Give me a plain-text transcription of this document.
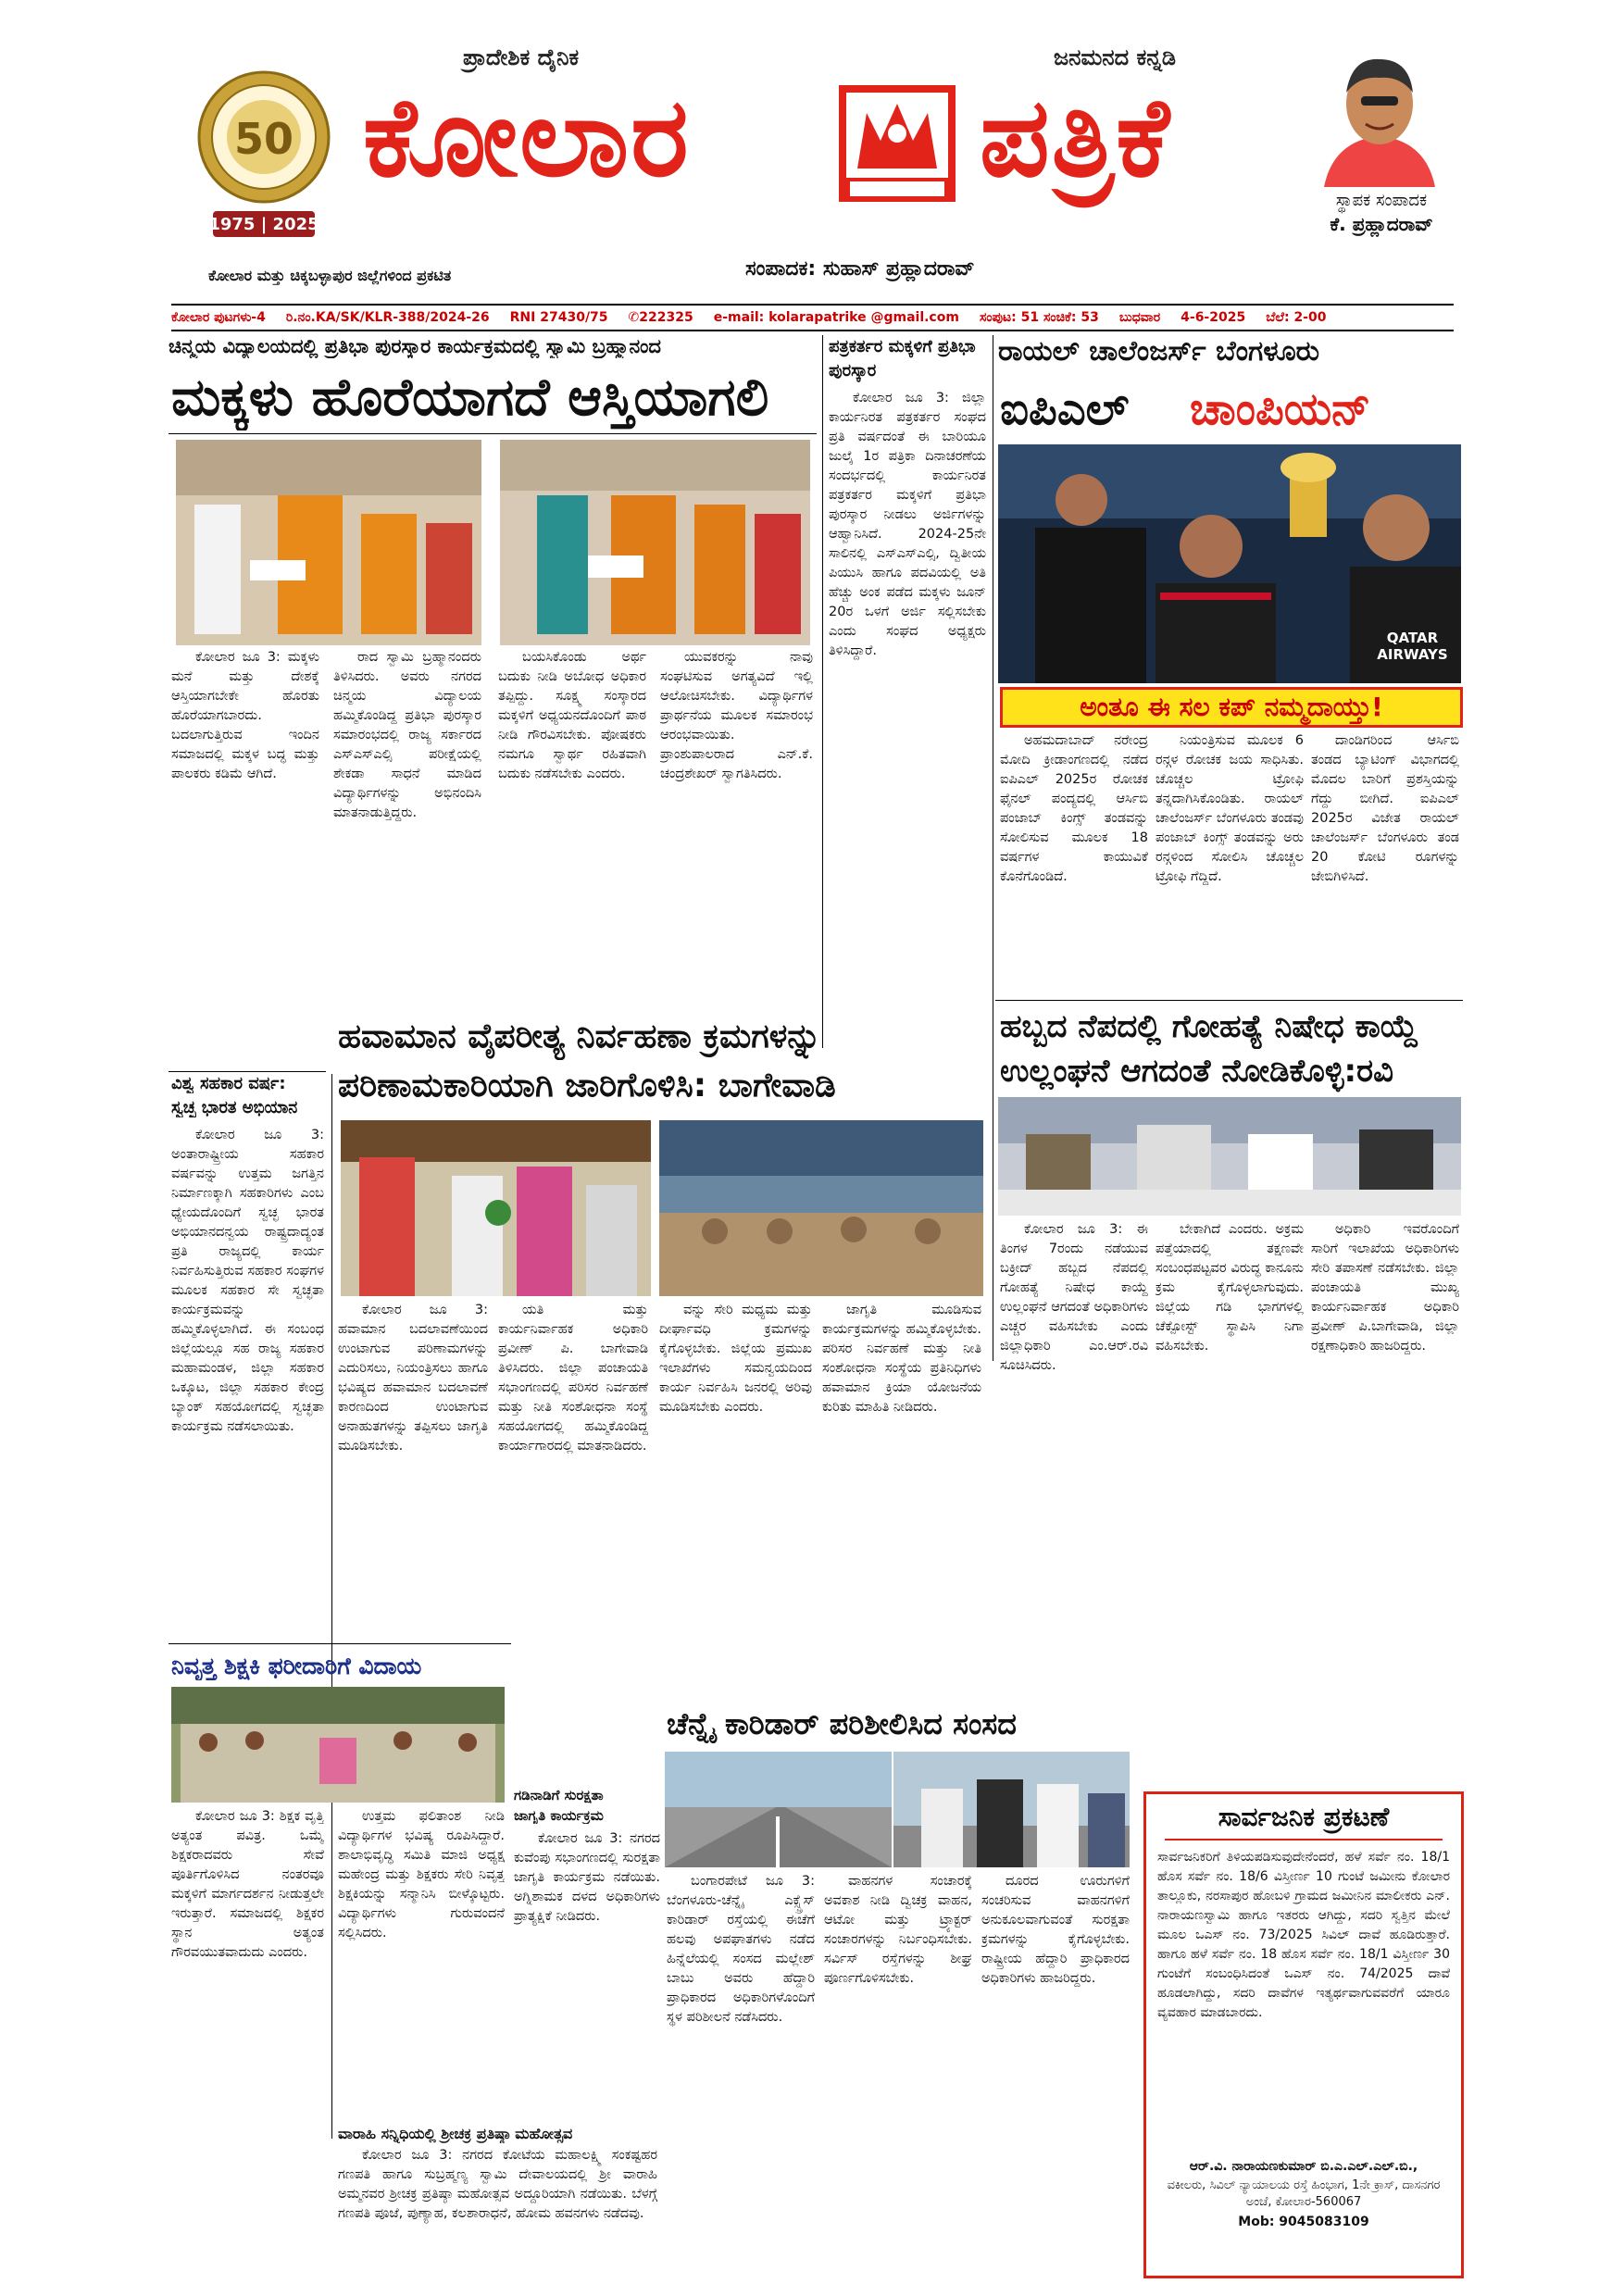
50
1975 | 2025
ಪ್ರಾದೇಶಿಕ ದೈನಿಕ	ಜನಮನದ ಕನ್ನಡಿ
ಕೋಲಾರ	ಪತ್ರಿಕೆ	ಸ್ಥಾಪಕ ಸಂಪಾದಕ
ಕೆ. ಪ್ರಹ್ಲಾದರಾವ್
ಕೋಲಾರ ಮತ್ತು ಚಿಕ್ಕಬಳ್ಳಾಪುರ ಜಿಲ್ಲೆಗಳಿಂದ ಪ್ರಕಟಿತ	ಸಂಪಾದಕ: ಸುಹಾಸ್ ಪ್ರಹ್ಲಾದರಾವ್
ಕೋಲಾರ ಪುಟಗಳು-4 ರಿ.ನಂ.KA/SK/KLR-388/2024-26 RNI 27430/75 ✆222325 e-mail: kolarapatrike @gmail.com ಸಂಪುಟ: 51 ಸಂಚಿಕೆ: 53 ಬುಧವಾರ 4-6-2025 ಬೆಲೆ: 2-00
ಚಿನ್ಮಯ ವಿದ್ಯಾಲಯದಲ್ಲಿ ಪ್ರತಿಭಾ ಪುರಸ್ಕಾರ ಕಾರ್ಯಕ್ರಮದಲ್ಲಿ ಸ್ವಾಮಿ ಬ್ರಹ್ಮಾನಂದ
ಮಕ್ಕಳು ಹೊರೆಯಾಗದೆ ಆಸ್ತಿಯಾಗಲಿ

ಕೋಲಾರ ಜೂ 3: ಮಕ್ಕಳು ಮನೆ ಮತ್ತು ದೇಶಕ್ಕೆ ಆಸ್ತಿಯಾಗಬೇಕೇ ಹೊರತು ಹೊರೆಯಾಗಬಾರದು. ಬದಲಾಗುತ್ತಿರುವ ಇಂದಿನ ಸಮಾಜದಲ್ಲಿ ಮಕ್ಕಳ ಬದ್ಧ ಮತ್ತು ಪಾಲಕರು ಕಡಿಮೆ ಆಗಿದೆ.

ರಾದ ಸ್ವಾಮಿ ಬ್ರಹ್ಮಾನಂದರು ತಿಳಿಸಿದರು. ಅವರು ನಗರದ ಚಿನ್ಮಯ ವಿದ್ಯಾಲಯ ಹಮ್ಮಿಕೊಂಡಿದ್ದ ಪ್ರತಿಭಾ ಪುರಸ್ಕಾರ ಸಮಾರಂಭದಲ್ಲಿ ರಾಜ್ಯ ಸರ್ಕಾರದ ಎಸ್ಎಸ್ಎಲ್ಸಿ ಪರೀಕ್ಷೆಯಲ್ಲಿ ಶೇಕಡಾ ಸಾಧನೆ ಮಾಡಿದ ವಿದ್ಯಾರ್ಥಿಗಳನ್ನು ಅಭಿನಂದಿಸಿ ಮಾತನಾಡುತ್ತಿದ್ದರು.

ಬಯಸಿಕೊಂಡು ಅರ್ಥ ಬದುಕು ನೀಡಿ ಅಬೋಧ ಅಧಿಕಾರ ತಪ್ಪಿದ್ದು. ಸೂಕ್ಷ್ಮ ಸಂಸ್ಕಾರದ ಮಕ್ಕಳಿಗೆ ಅಧ್ಯಯನದೊಂದಿಗೆ ಪಾಠ ನೀಡಿ ಗೌರವಿಸಬೇಕು. ಪೋಷಕರು ನಮಗೂ ಸ್ವಾರ್ಥ ರಹಿತವಾಗಿ ಬದುಕು ನಡೆಸಬೇಕು ಎಂದರು.

ಯುವಕರನ್ನು ನಾವು ಸಂಘಟಿಸುವ ಅಗತ್ಯವಿದೆ ಇಲ್ಲಿ ಆಲೋಚಿಸಬೇಕು. ವಿದ್ಯಾರ್ಥಿಗಳ ಪ್ರಾರ್ಥನೆಯ ಮೂಲಕ ಸಮಾರಂಭ ಆರಂಭವಾಯಿತು. ಪ್ರಾಂಶುಪಾಲರಾದ ಎನ್.ಕೆ. ಚಂದ್ರಶೇಖರ್ ಸ್ವಾಗತಿಸಿದರು.

ಪತ್ರಕರ್ತರ ಮಕ್ಕಳಿಗೆ ಪ್ರತಿಭಾ ಪುರಸ್ಕಾರ

ಕೋಲಾರ ಜೂ 3: ಜಿಲ್ಲಾ ಕಾರ್ಯನಿರತ ಪತ್ರಕರ್ತರ ಸಂಘದ ಪ್ರತಿ ವರ್ಷದಂತೆ ಈ ಬಾರಿಯೂ ಜುಲೈ 1ರ ಪತ್ರಿಕಾ ದಿನಾಚರಣೆಯ ಸಂದರ್ಭದಲ್ಲಿ ಕಾರ್ಯನಿರತ ಪತ್ರಕರ್ತರ ಮಕ್ಕಳಿಗೆ ಪ್ರತಿಭಾ ಪುರಸ್ಕಾರ ನೀಡಲು ಅರ್ಜಿಗಳನ್ನು ಆಹ್ವಾನಿಸಿದೆ. 2024-25ನೇ ಸಾಲಿನಲ್ಲಿ ಎಸ್ಎಸ್ಎಲ್ಸಿ, ದ್ವಿತೀಯ ಪಿಯುಸಿ ಹಾಗೂ ಪದವಿಯಲ್ಲಿ ಅತಿ ಹೆಚ್ಚು ಅಂಕ ಪಡೆದ ಮಕ್ಕಳು ಜೂನ್ 20ರ ಒಳಗೆ ಅರ್ಜಿ ಸಲ್ಲಿಸಬೇಕು ಎಂದು ಸಂಘದ ಅಧ್ಯಕ್ಷರು ತಿಳಿಸಿದ್ದಾರೆ.

ರಾಯಲ್ ಚಾಲೆಂಜರ್ಸ್ ಬೆಂಗಳೂರು
ಐಪಿಎಲ್ ಚಾಂಪಿಯನ್
QATAR AIRWAYS
ಅಂತೂ ಈ ಸಲ ಕಪ್ ನಮ್ಮದಾಯ್ತು!

ಅಹಮದಾಬಾದ್ ನರೇಂದ್ರ ಮೋದಿ ಕ್ರೀಡಾಂಗಣದಲ್ಲಿ ನಡೆದ ಐಪಿಎಲ್ 2025ರ ರೋಚಕ ಫೈನಲ್ ಪಂದ್ಯದಲ್ಲಿ ಆರ್ಸಿಬಿ ಪಂಜಾಬ್ ಕಿಂಗ್ಸ್ ತಂಡವನ್ನು ಸೋಲಿಸುವ ಮೂಲಕ 18 ವರ್ಷಗಳ ಕಾಯುವಿಕೆ ಕೊನೆಗೊಂಡಿದೆ.

ನಿಯಂತ್ರಿಸುವ ಮೂಲಕ 6 ರನ್ಗಳ ರೋಚಕ ಜಯ ಸಾಧಿಸಿತು. ಚೊಚ್ಚಲ ಟ್ರೋಫಿ ತನ್ನದಾಗಿಸಿಕೊಂಡಿತು. ರಾಯಲ್ ಚಾಲೆಂಜರ್ಸ್ ಬೆಂಗಳೂರು ತಂಡವು ಪಂಜಾಬ್ ಕಿಂಗ್ಸ್ ತಂಡವನ್ನು ಅರು ರನ್ಗಳಿಂದ ಸೋಲಿಸಿ ಚೊಚ್ಚಲ ಟ್ರೋಫಿ ಗೆದ್ದಿದೆ.

ದಾಂಡಿಗರಿಂದ ಆರ್ಸಿಬಿ ತಂಡದ ಬ್ಯಾಟಿಂಗ್ ವಿಭಾಗದಲ್ಲಿ ಮೊದಲ ಬಾರಿಗೆ ಪ್ರಶಸ್ತಿಯನ್ನು ಗೆದ್ದು ಬೀಗಿದೆ. ಐಪಿಎಲ್ 2025ರ ವಿಜೇತ ರಾಯಲ್ ಚಾಲೆಂಜರ್ಸ್ ಬೆಂಗಳೂರು ತಂಡ 20 ಕೋಟಿ ರೂಗಳನ್ನು ಜೇಬಿಗಿಳಿಸಿದೆ.

ವಿಶ್ವ ಸಹಕಾರ ವರ್ಷ:
ಸ್ವಚ್ಛ ಭಾರತ ಅಭಿಯಾನ

ಕೋಲಾರ ಜೂ 3: ಅಂತಾರಾಷ್ಟ್ರೀಯ ಸಹಕಾರ ವರ್ಷವನ್ನು ಉತ್ತಮ ಜಗತ್ತಿನ ನಿರ್ಮಾಣಕ್ಕಾಗಿ ಸಹಕಾರಿಗಳು ಎಂಬ ಧ್ಯೇಯದೊಂದಿಗೆ ಸ್ವಚ್ಛ ಭಾರತ ಅಭಿಯಾನದನ್ವಯ ರಾಷ್ಟ್ರದಾದ್ಯಂತ ಪ್ರತಿ ರಾಜ್ಯದಲ್ಲಿ ಕಾರ್ಯ ನಿರ್ವಹಿಸುತ್ತಿರುವ ಸಹಕಾರ ಸಂಘಗಳ ಮೂಲಕ ಸಹಕಾರ ಸೇ ಸ್ವಚ್ಛತಾ ಕಾರ್ಯಕ್ರಮವನ್ನು ಹಮ್ಮಿಕೊಳ್ಳಲಾಗಿದೆ. ಈ ಸಂಬಂಧ ಜಿಲ್ಲೆಯಲ್ಲೂ ಸಹ ರಾಜ್ಯ ಸಹಕಾರ ಮಹಾಮಂಡಳ, ಜಿಲ್ಲಾ ಸಹಕಾರ ಒಕ್ಕೂಟ, ಜಿಲ್ಲಾ ಸಹಕಾರ ಕೇಂದ್ರ ಬ್ಯಾಂಕ್ ಸಹಯೋಗದಲ್ಲಿ ಸ್ವಚ್ಛತಾ ಕಾರ್ಯಕ್ರಮ ನಡೆಸಲಾಯಿತು.

ಹವಾಮಾನ ವೈಪರೀತ್ಯ ನಿರ್ವಹಣಾ ಕ್ರಮಗಳನ್ನು
ಪರಿಣಾಮಕಾರಿಯಾಗಿ ಜಾರಿಗೊಳಿಸಿ: ಬಾಗೇವಾಡಿ

ಕೋಲಾರ ಜೂ 3: ಹವಾಮಾನ ಬದಲಾವಣೆಯಿಂದ ಉಂಟಾಗುವ ಪರಿಣಾಮಗಳನ್ನು ಎದುರಿಸಲು, ನಿಯಂತ್ರಿಸಲು ಹಾಗೂ ಭವಿಷ್ಯದ ಹವಾಮಾನ ಬದಲಾವಣೆ ಕಾರಣದಿಂದ ಉಂಟಾಗುವ ಅನಾಹುತಗಳನ್ನು ತಪ್ಪಿಸಲು ಜಾಗೃತಿ ಮೂಡಿಸಬೇಕು.

ಯತಿ ಮತ್ತು ಕಾರ್ಯನಿರ್ವಾಹಕ ಅಧಿಕಾರಿ ಪ್ರವೀಣ್ ಪಿ. ಬಾಗೇವಾಡಿ ತಿಳಿಸಿದರು. ಜಿಲ್ಲಾ ಪಂಚಾಯತಿ ಸಭಾಂಗಣದಲ್ಲಿ ಪರಿಸರ ನಿರ್ವಹಣೆ ಮತ್ತು ನೀತಿ ಸಂಶೋಧನಾ ಸಂಸ್ಥೆ ಸಹಯೋಗದಲ್ಲಿ ಹಮ್ಮಿಕೊಂಡಿದ್ದ ಕಾರ್ಯಾಗಾರದಲ್ಲಿ ಮಾತನಾಡಿದರು.

ವನ್ನು ಸೇರಿ ಮಧ್ಯಮ ಮತ್ತು ದೀರ್ಘಾವಧಿ ಕ್ರಮಗಳನ್ನು ಕೈಗೊಳ್ಳಬೇಕು. ಜಿಲ್ಲೆಯ ಪ್ರಮುಖ ಇಲಾಖೆಗಳು ಸಮನ್ವಯದಿಂದ ಕಾರ್ಯ ನಿರ್ವಹಿಸಿ ಜನರಲ್ಲಿ ಅರಿವು ಮೂಡಿಸಬೇಕು ಎಂದರು.

ಜಾಗೃತಿ ಮೂಡಿಸುವ ಕಾರ್ಯಕ್ರಮಗಳನ್ನು ಹಮ್ಮಿಕೊಳ್ಳಬೇಕು. ಪರಿಸರ ನಿರ್ವಹಣೆ ಮತ್ತು ನೀತಿ ಸಂಶೋಧನಾ ಸಂಸ್ಥೆಯ ಪ್ರತಿನಿಧಿಗಳು ಹವಾಮಾನ ಕ್ರಿಯಾ ಯೋಜನೆಯ ಕುರಿತು ಮಾಹಿತಿ ನೀಡಿದರು.

ಹಬ್ಬದ ನೆಪದಲ್ಲಿ ಗೋಹತ್ಯೆ ನಿಷೇಧ ಕಾಯ್ದೆ
ಉಲ್ಲಂಘನೆ ಆಗದಂತೆ ನೋಡಿಕೊಳ್ಳಿ:ರವಿ

ಕೋಲಾರ ಜೂ 3: ಈ ತಿಂಗಳ 7ರಂದು ನಡೆಯುವ ಬಕ್ರೀದ್ ಹಬ್ಬದ ನೆಪದಲ್ಲಿ ಗೋಹತ್ಯೆ ನಿಷೇಧ ಕಾಯ್ದೆ ಉಲ್ಲಂಘನೆ ಆಗದಂತೆ ಅಧಿಕಾರಿಗಳು ಎಚ್ಚರ ವಹಿಸಬೇಕು ಎಂದು ಜಿಲ್ಲಾಧಿಕಾರಿ ಎಂ.ಆರ್.ರವಿ ಸೂಚಿಸಿದರು.

ಬೇಕಾಗಿದೆ ಎಂದರು. ಅಕ್ರಮ ಪತ್ತೆಯಾದಲ್ಲಿ ತಕ್ಷಣವೇ ಸಂಬಂಧಪಟ್ಟವರ ವಿರುದ್ಧ ಕಾನೂನು ಕ್ರಮ ಕೈಗೊಳ್ಳಲಾಗುವುದು. ಜಿಲ್ಲೆಯ ಗಡಿ ಭಾಗಗಳಲ್ಲಿ ಚೆಕ್ಪೋಸ್ಟ್ ಸ್ಥಾಪಿಸಿ ನಿಗಾ ವಹಿಸಬೇಕು.

ಅಧಿಕಾರಿ ಇವರೊಂದಿಗೆ ಸಾರಿಗೆ ಇಲಾಖೆಯ ಅಧಿಕಾರಿಗಳು ಸೇರಿ ತಪಾಸಣೆ ನಡೆಸಬೇಕು. ಜಿಲ್ಲಾ ಪಂಚಾಯತಿ ಮುಖ್ಯ ಕಾರ್ಯನಿರ್ವಾಹಕ ಅಧಿಕಾರಿ ಪ್ರವೀಣ್ ಪಿ.ಬಾಗೇವಾಡಿ, ಜಿಲ್ಲಾ ರಕ್ಷಣಾಧಿಕಾರಿ ಹಾಜರಿದ್ದರು.

ನಿವೃತ್ತ ಶಿಕ್ಷಕಿ ಫರೀದಾರಿಗೆ ವಿದಾಯ

ಕೋಲಾರ ಜೂ 3: ಶಿಕ್ಷಕ ವೃತ್ತಿ ಅತ್ಯಂತ ಪವಿತ್ರ. ಒಮ್ಮೆ ಶಿಕ್ಷಕರಾದವರು ಸೇವೆ ಪೂರ್ತಿಗೊಳಿಸಿದ ನಂತರವೂ ಮಕ್ಕಳಿಗೆ ಮಾರ್ಗದರ್ಶನ ನೀಡುತ್ತಲೇ ಇರುತ್ತಾರೆ. ಸಮಾಜದಲ್ಲಿ ಶಿಕ್ಷಕರ ಸ್ಥಾನ ಅತ್ಯಂತ ಗೌರವಯುತವಾದುದು ಎಂದರು.

ಉತ್ತಮ ಫಲಿತಾಂಶ ನೀಡಿ ವಿದ್ಯಾರ್ಥಿಗಳ ಭವಿಷ್ಯ ರೂಪಿಸಿದ್ದಾರೆ. ಶಾಲಾಭಿವೃದ್ಧಿ ಸಮಿತಿ ಮಾಜಿ ಅಧ್ಯಕ್ಷ ಮಹೇಂದ್ರ ಮತ್ತು ಶಿಕ್ಷಕರು ಸೇರಿ ನಿವೃತ್ತ ಶಿಕ್ಷಕಿಯನ್ನು ಸನ್ಮಾನಿಸಿ ಬೀಳ್ಕೊಟ್ಟರು. ವಿದ್ಯಾರ್ಥಿಗಳು ಗುರುವಂದನೆ ಸಲ್ಲಿಸಿದರು.

ವಾರಾಹಿ ಸನ್ನಿಧಿಯಲ್ಲಿ ಶ್ರೀಚಕ್ರ ಪ್ರತಿಷ್ಠಾ ಮಹೋತ್ಸವ

ಕೋಲಾರ ಜೂ 3: ನಗರದ ಕೋಟೆಯ ಮಹಾಲಕ್ಷ್ಮಿ ಸಂಕಷ್ಟಹರ ಗಣಪತಿ ಹಾಗೂ ಸುಬ್ರಹ್ಮಣ್ಯ ಸ್ವಾಮಿ ದೇವಾಲಯದಲ್ಲಿ ಶ್ರೀ ವಾರಾಹಿ ಅಮ್ಮನವರ ಶ್ರೀಚಕ್ರ ಪ್ರತಿಷ್ಠಾ ಮಹೋತ್ಸವ ಅದ್ದೂರಿಯಾಗಿ ನಡೆಯಿತು. ಬೆಳಗ್ಗೆ ಗಣಪತಿ ಪೂಜೆ, ಪುಣ್ಯಾಹ, ಕಲಶಾರಾಧನೆ, ಹೋಮ ಹವನಗಳು ನಡೆದವು.

ಗಡಿನಾಡಿಗೆ ಸುರಕ್ಷತಾ
ಜಾಗೃತಿ ಕಾರ್ಯಕ್ರಮ

ಕೋಲಾರ ಜೂ 3: ನಗರದ ಕುವೆಂಪು ಸಭಾಂಗಣದಲ್ಲಿ ಸುರಕ್ಷತಾ ಜಾಗೃತಿ ಕಾರ್ಯಕ್ರಮ ನಡೆಯಿತು. ಅಗ್ನಿಶಾಮಕ ದಳದ ಅಧಿಕಾರಿಗಳು ಪ್ರಾತ್ಯಕ್ಷಿಕೆ ನೀಡಿದರು.

ಚೆನ್ನೈ ಕಾರಿಡಾರ್ ಪರಿಶೀಲಿಸಿದ ಸಂಸದ

ಬಂಗಾರಪೇಟೆ ಜೂ 3: ಬೆಂಗಳೂರು-ಚೆನ್ನೈ ಎಕ್ಸ್ಪ್ರೆಸ್ ಕಾರಿಡಾರ್ ರಸ್ತೆಯಲ್ಲಿ ಈಚೆಗೆ ಹಲವು ಅಪಘಾತಗಳು ನಡೆದ ಹಿನ್ನೆಲೆಯಲ್ಲಿ ಸಂಸದ ಮಲ್ಲೇಶ್ ಬಾಬು ಅವರು ಹೆದ್ದಾರಿ ಪ್ರಾಧಿಕಾರದ ಅಧಿಕಾರಿಗಳೊಂದಿಗೆ ಸ್ಥಳ ಪರಿಶೀಲನೆ ನಡೆಸಿದರು.

ವಾಹನಗಳ ಸಂಚಾರಕ್ಕೆ ಅವಕಾಶ ನೀಡಿ ದ್ವಿಚಕ್ರ ವಾಹನ, ಆಟೋ ಮತ್ತು ಟ್ರ್ಯಾಕ್ಟರ್ ಸಂಚಾರಗಳನ್ನು ನಿರ್ಬಂಧಿಸಬೇಕು. ಸರ್ವಿಸ್ ರಸ್ತೆಗಳನ್ನು ಶೀಘ್ರ ಪೂರ್ಣಗೊಳಿಸಬೇಕು.

ದೂರದ ಊರುಗಳಿಗೆ ಸಂಚರಿಸುವ ವಾಹನಗಳಿಗೆ ಅನುಕೂಲವಾಗುವಂತೆ ಸುರಕ್ಷತಾ ಕ್ರಮಗಳನ್ನು ಕೈಗೊಳ್ಳಬೇಕು. ರಾಷ್ಟ್ರೀಯ ಹೆದ್ದಾರಿ ಪ್ರಾಧಿಕಾರದ ಅಧಿಕಾರಿಗಳು ಹಾಜರಿದ್ದರು.

ಸಾರ್ವಜನಿಕ ಪ್ರಕಟಣೆ
ಸಾರ್ವಜನಿಕರಿಗೆ ತಿಳಿಯಪಡಿಸುವುದೇನೆಂದರೆ, ಹಳೆ ಸರ್ವೆ ನಂ. 18/1 ಹೊಸ ಸರ್ವೆ ನಂ. 18/6 ವಿಸ್ತೀರ್ಣ 10 ಗುಂಟೆ ಜಮೀನು ಕೋಲಾರ ತಾಲ್ಲೂಕು, ನರಸಾಪುರ ಹೋಬಳಿ ಗ್ರಾಮದ ಜಮೀನಿನ ಮಾಲೀಕರು ಎನ್. ನಾರಾಯಣಸ್ವಾಮಿ ಹಾಗೂ ಇತರರು ಆಗಿದ್ದು, ಸದರಿ ಸ್ವತ್ತಿನ ಮೇಲೆ ಮೂಲ ಒಎಸ್ ನಂ. 73/2025 ಸಿವಿಲ್ ದಾವೆ ಹೂಡಿರುತ್ತಾರೆ. ಹಾಗೂ ಹಳೆ ಸರ್ವೆ ನಂ. 18 ಹೊಸ ಸರ್ವೆ ನಂ. 18/1 ವಿಸ್ತೀರ್ಣ 30 ಗುಂಟೆಗೆ ಸಂಬಂಧಿಸಿದಂತೆ ಒಎಸ್ ನಂ. 74/2025 ದಾವೆ ಹೂಡಲಾಗಿದ್ದು, ಸದರಿ ದಾವೆಗಳ ಇತ್ಯರ್ಥವಾಗುವವರೆಗೆ ಯಾರೂ ವ್ಯವಹಾರ ಮಾಡಬಾರದು.
ಆರ್.ವಿ. ನಾರಾಯಣಕುಮಾರ್ ಬಿ.ಎ.ಎಲ್.ಎಲ್.ಬಿ.,
ವಕೀಲರು, ಸಿವಿಲ್ ನ್ಯಾಯಾಲಯ ರಸ್ತೆ ಹಿಂಭಾಗ, 1ನೇ ಕ್ರಾಸ್, ದಾಸನಗರ ಅಂಚೆ, ಕೋಲಾರ-560067
Mob: 9045083109
